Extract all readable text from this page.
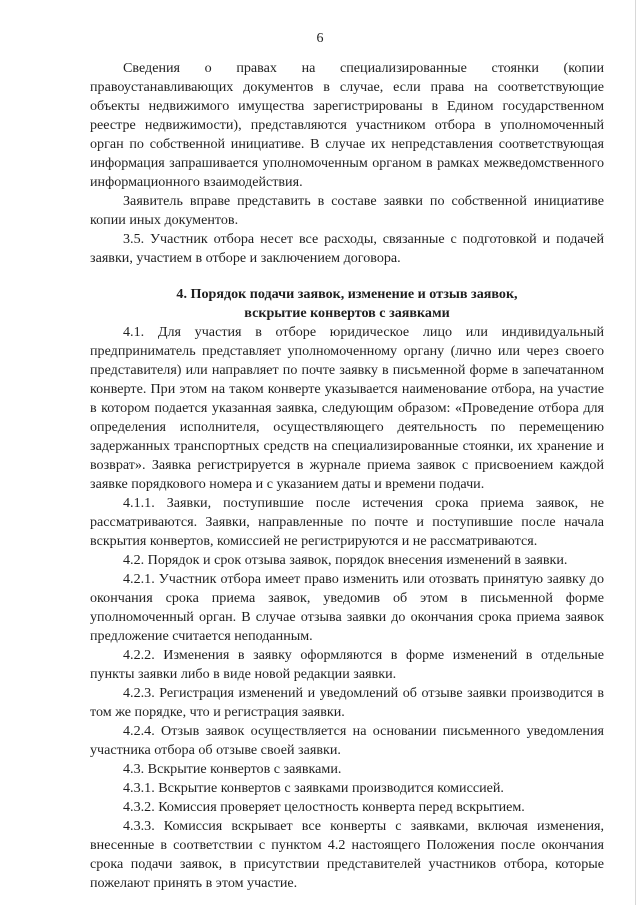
6

Сведения о правах на специализированные стоянки (копии правоустанавливающих документов в случае, если права на соответствующие объекты недвижимого имущества зарегистрированы в Едином государственном реестре недвижимости), представляются участником отбора в уполномоченный орган по собственной инициативе. В случае их непредставления соответствующая информация запрашивается уполномоченным органом в рамках межведомственного информационного взаимодействия.

Заявитель вправе представить в составе заявки по собственной инициативе копии иных документов.

3.5. Участник отбора несет все расходы, связанные с подготовкой и подачей заявки, участием в отборе и заключением договора.

4. Порядок подачи заявок, изменение и отзыв заявок,
вскрытие конвертов с заявками

4.1. Для участия в отборе юридическое лицо или индивидуальный предприниматель представляет уполномоченному органу (лично или через своего представителя) или направляет по почте заявку в письменной форме в запечатанном конверте. При этом на таком конверте указывается наименование отбора, на участие в котором подается указанная заявка, следующим образом: «Проведение отбора для определения исполнителя, осуществляющего деятельность по перемещению задержанных транспортных средств на специализированные стоянки, их хранение и возврат». Заявка регистрируется в журнале приема заявок с присвоением каждой заявке порядкового номера и с указанием даты и времени подачи.

4.1.1. Заявки, поступившие после истечения срока приема заявок, не рассматриваются. Заявки, направленные по почте и поступившие после начала вскрытия конвертов, комиссией не регистрируются и не рассматриваются.

4.2. Порядок и срок отзыва заявок, порядок внесения изменений в заявки.

4.2.1. Участник отбора имеет право изменить или отозвать принятую заявку до окончания срока приема заявок, уведомив об этом в письменной форме уполномоченный орган. В случае отзыва заявки до окончания срока приема заявок предложение считается неподанным.

4.2.2. Изменения в заявку оформляются в форме изменений в отдельные пункты заявки либо в виде новой редакции заявки.

4.2.3. Регистрация изменений и уведомлений об отзыве заявки производится в том же порядке, что и регистрация заявки.

4.2.4. Отзыв заявок осуществляется на основании письменного уведомления участника отбора об отзыве своей заявки.

4.3. Вскрытие конвертов с заявками.

4.3.1. Вскрытие конвертов с заявками производится комиссией.

4.3.2. Комиссия проверяет целостность конверта перед вскрытием.

4.3.3. Комиссия вскрывает все конверты с заявками, включая изменения, внесенные в соответствии с пунктом 4.2 настоящего Положения после окончания срока подачи заявок, в присутствии представителей участников отбора, которые пожелают принять в этом участие.
